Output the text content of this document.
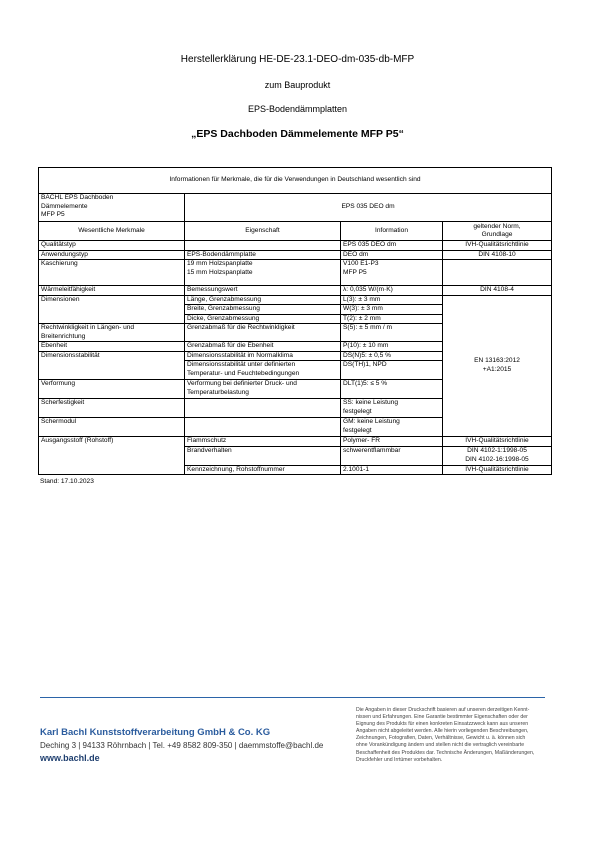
Herstellerklärung HE-DE-23.1-DEO-dm-035-db-MFP
zum Bauprodukt
EPS-Bodendämmplatten
„EPS Dachboden Dämmelemente MFP P5“
Informationen für Merkmale, die für die Verwendungen in Deutschland wesentlich sind			

BACHL EPS Dachboden
Dämmelemente
MFP P5	EPS 035 DEO dm		
Wesentliche Merkmale	Eigenschaft	Information	geltender Norm,
Grundlage

Qualitätstyp		EPS 035 DEO dm	IVH-Qualitätsrichtlinie
Anwendungstyp	EPS-Bodendämmplatte	DEO dm	DIN 4108-10
Kaschierung	19 mm Holzspanplatte
15 mm Holzspanplatte	V100 E1-P3
MFP P5	

Wärmeleitfähigkeit	Bemessungswert	λ: 0,035 W/(m·K)	DIN 4108-4
Dimensionen	Länge, Grenzabmessung	L(3): ± 3 mm	EN 13163:2012
+A1:2015

	Breite, Grenzabmessung	W(3): ± 3 mm	
	Dicke, Grenzabmessung	T(2): ± 2 mm	

Rechtwinkligkeit in Längen- und
Breitenrichtung	Grenzabmaß für die Rechtwinkligkeit	S(5): ± 5 mm / m	
Ebenheit	Grenzabmaß für die Ebenheit	P(10): ± 10 mm	
Dimensionsstabilität	Dimensionsstabilität im Normalklima	DS(N)5: ± 0,5 %	

	Dimensionsstabilität unter definierten
Temperatur- und Feuchtebedingungen	DS(TH)1, NPD	
Verformung	Verformung bei definierter Druck- und
Temperaturbelastung	DLT(1)5: ≤ 5 %	
Scherfestigkeit		SS: keine Leistung
festgelegt	

Schermodul		GM: keine Leistung
festgelegt	

Ausgangsstoff (Rohstoff)	Flammschutz	Polymer- FR	IVH-Qualitätsrichtlinie
	Brandverhalten	schwerentflammbar	DIN 4102-1:1998-05
DIN 4102-16:1998-05

	Kennzeichnung, Rohstoffnummer	2.1001-1	IVH-Qualitätsrichtlinie
Stand: 17.10.2023
Karl Bachl Kunststoffverarbeitung GmbH & Co. KG
Deching 3 | 94133 Röhrnbach | Tel. +49 8582 809-350 | daemmstoffe@bachl.de
www.bachl.de
Die Angaben in dieser Druckschrift basieren auf unseren derzeitigen Kennt-
nissen und Erfahrungen. Eine Garantie bestimmter Eigenschaften oder der
Eignung des Produkts für einen konkreten Einsatzzweck kann aus unseren
Angaben nicht abgeleitet werden. Alle hierin vorliegenden Beschreibungen,
Zeichnungen, Fotografien, Daten, Verhältnisse, Gewicht u. ä. können sich
ohne Vorankündigung ändern und stellen nicht die vertraglich vereinbarte
Beschaffenheit des Produktes dar. Technische Änderungen, Maßänderungen,
Druckfehler und Irrtümer vorbehalten.
